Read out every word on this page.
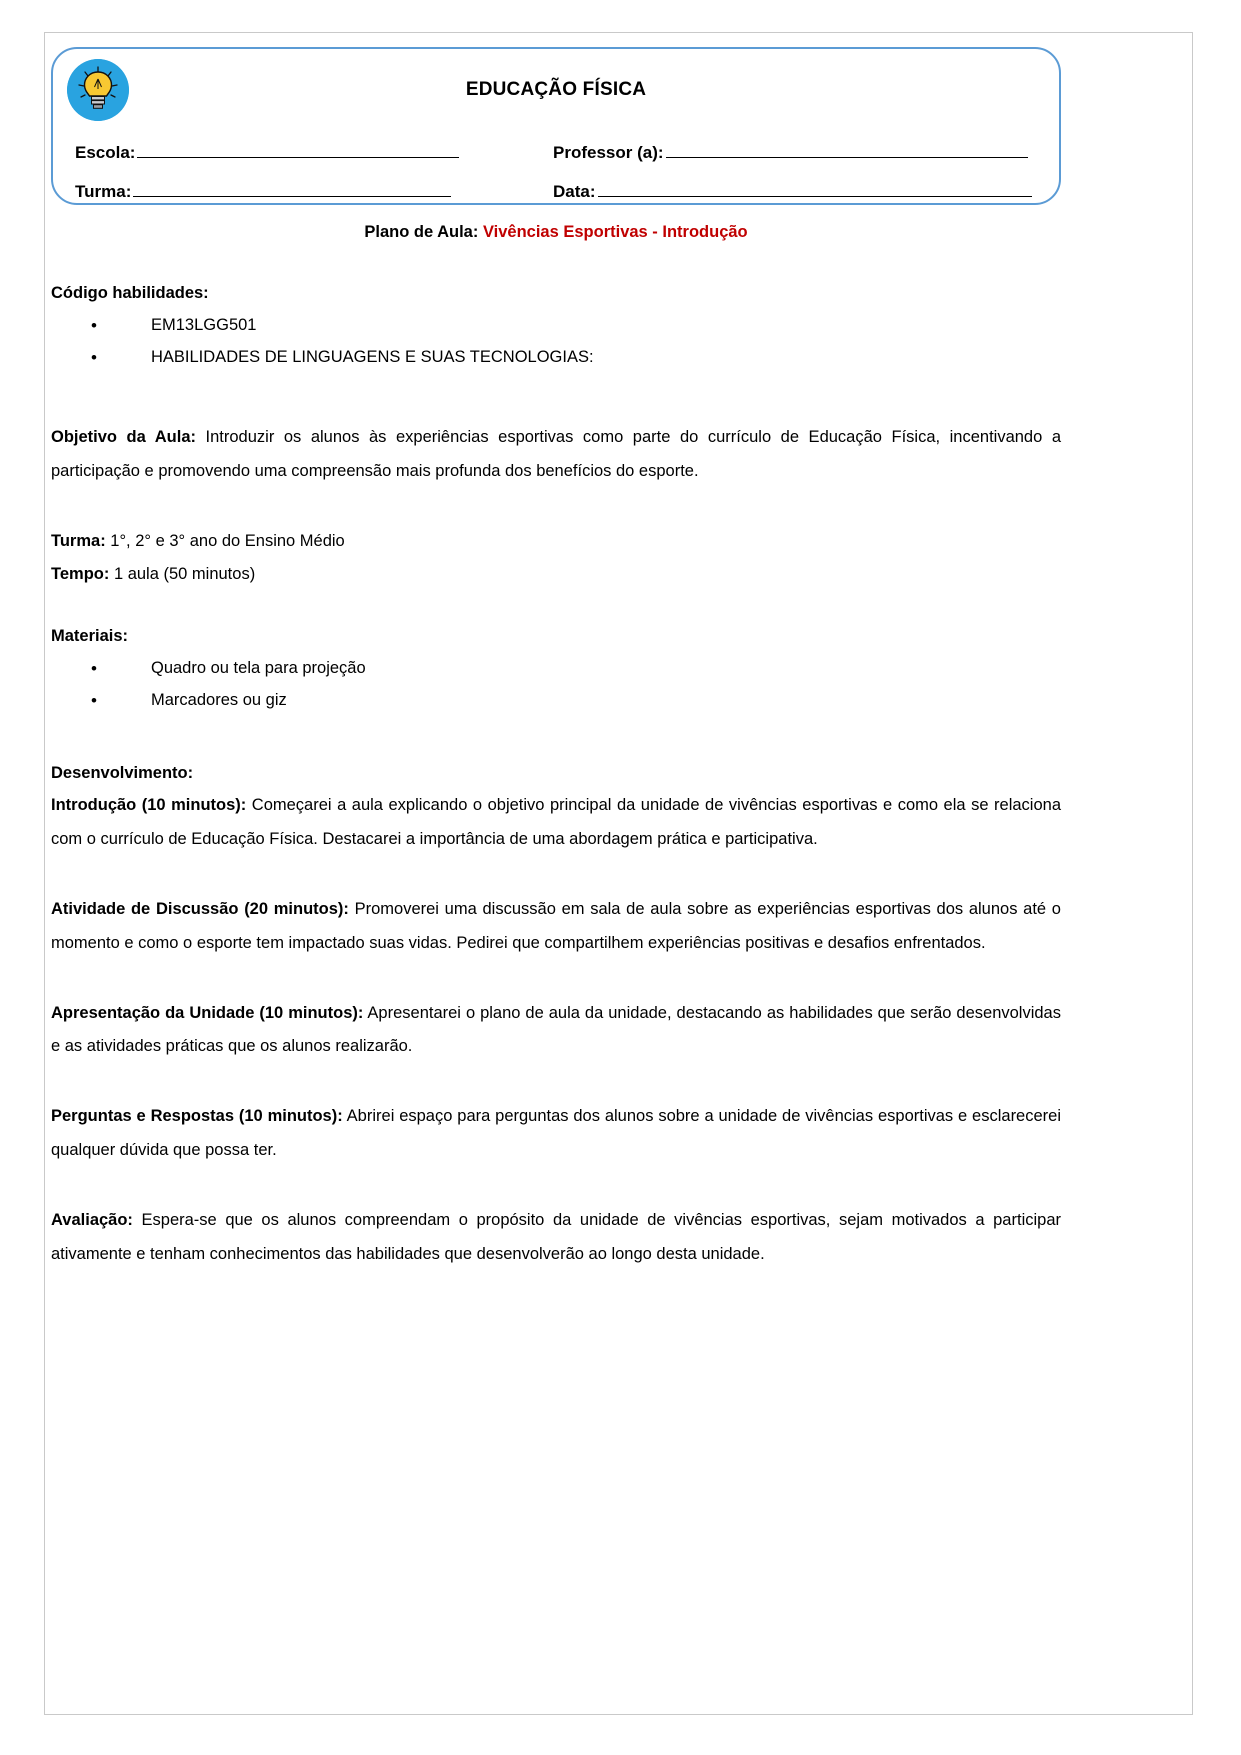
EDUCAÇÃO FÍSICA
Escola:	Professor (a):
Turma:	Data:
Plano de Aula: Vivências Esportivas - Introdução
Código habilidades:
• EM13LGG501
• HABILIDADES DE LINGUAGENS E SUAS TECNOLOGIAS:

Objetivo da Aula: Introduzir os alunos às experiências esportivas como parte do currículo de Educação Física, incentivando a participação e promovendo uma compreensão mais profunda dos benefícios do esporte.

Turma: 1°, 2° e 3° ano do Ensino Médio

Tempo: 1 aula (50 minutos)

Materiais:
• Quadro ou tela para projeção
• Marcadores ou giz
Desenvolvimento:

Introdução (10 minutos): Começarei a aula explicando o objetivo principal da unidade de vivências esportivas e como ela se relaciona com o currículo de Educação Física. Destacarei a importância de uma abordagem prática e participativa.

Atividade de Discussão (20 minutos): Promoverei uma discussão em sala de aula sobre as experiências esportivas dos alunos até o momento e como o esporte tem impactado suas vidas. Pedirei que compartilhem experiências positivas e desafios enfrentados.

Apresentação da Unidade (10 minutos): Apresentarei o plano de aula da unidade, destacando as habilidades que serão desenvolvidas e as atividades práticas que os alunos realizarão.

Perguntas e Respostas (10 minutos): Abrirei espaço para perguntas dos alunos sobre a unidade de vivências esportivas e esclarecerei qualquer dúvida que possa ter.

Avaliação: Espera-se que os alunos compreendam o propósito da unidade de vivências esportivas, sejam motivados a participar ativamente e tenham conhecimentos das habilidades que desenvolverão ao longo desta unidade.
